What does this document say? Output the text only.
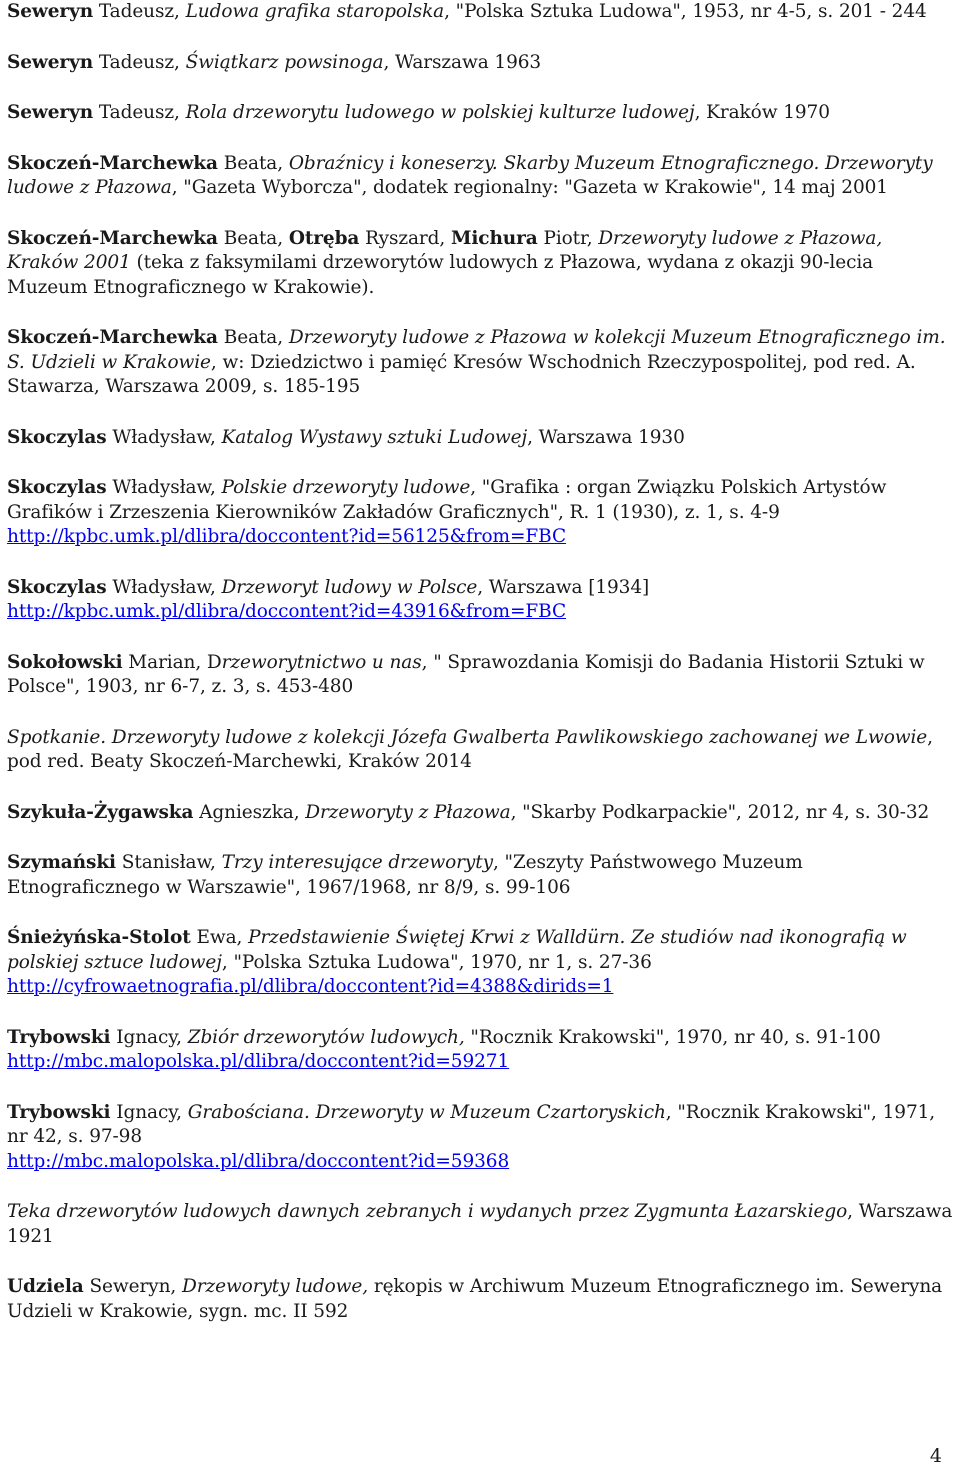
Seweryn Tadeusz, Ludowa grafika staropolska, "Polska Sztuka Ludowa", 1953, nr 4-5, s. 201 - 244

Seweryn Tadeusz, Świątkarz powsinoga, Warszawa 1963

Seweryn Tadeusz, Rola drzeworytu ludowego w polskiej kulturze ludowej, Kraków 1970

Skoczeń-Marchewka Beata, Obraźnicy i koneserzy. Skarby Muzeum Etnograficznego. Drzeworyty ludowe z Płazowa, "Gazeta Wyborcza", dodatek regionalny: "Gazeta w Krakowie", 14 maj 2001

Skoczeń-Marchewka Beata, Otręba Ryszard, Michura Piotr, Drzeworyty ludowe z Płazowa, Kraków 2001 (teka z faksymilami drzeworytów ludowych z Płazowa, wydana z okazji 90-lecia Muzeum Etnograficznego w Krakowie).

Skoczeń-Marchewka Beata, Drzeworyty ludowe z Płazowa w kolekcji Muzeum Etnograficznego im. S. Udzieli w Krakowie, w: Dziedzictwo i pamięć Kresów Wschodnich Rzeczypospolitej, pod red. A. Stawarza, Warszawa 2009, s. 185-195

Skoczylas Władysław, Katalog Wystawy sztuki Ludowej, Warszawa 1930

Skoczylas Władysław, Polskie drzeworyty ludowe, "Grafika : organ Związku Polskich Artystów Grafików i Zrzeszenia Kierowników Zakładów Graficznych", R. 1 (1930), z. 1, s. 4-9
http://kpbc.umk.pl/dlibra/doccontent?id=56125&from=FBC

Skoczylas Władysław, Drzeworyt ludowy w Polsce, Warszawa [1934]
http://kpbc.umk.pl/dlibra/doccontent?id=43916&from=FBC

Sokołowski Marian, Drzeworytnictwo u nas, " Sprawozdania Komisji do Badania Historii Sztuki w Polsce", 1903, nr 6-7, z. 3, s. 453-480

Spotkanie. Drzeworyty ludowe z kolekcji Józefa Gwalberta Pawlikowskiego zachowanej we Lwowie, pod red. Beaty Skoczeń-Marchewki, Kraków 2014

Szykuła-Żygawska Agnieszka, Drzeworyty z Płazowa, "Skarby Podkarpackie", 2012, nr 4, s. 30-32

Szymański Stanisław, Trzy interesujące drzeworyty, "Zeszyty Państwowego Muzeum Etnograficznego w Warszawie", 1967/1968, nr 8/9, s. 99-106

Śnieżyńska-Stolot Ewa, Przedstawienie Świętej Krwi z Walldürn. Ze studiów nad ikonografią w polskiej sztuce ludowej, "Polska Sztuka Ludowa", 1970, nr 1, s. 27-36
http://cyfrowaetnografia.pl/dlibra/doccontent?id=4388&dirids=1

Trybowski Ignacy, Zbiór drzeworytów ludowych, "Rocznik Krakowski", 1970, nr 40, s. 91-100
http://mbc.malopolska.pl/dlibra/doccontent?id=59271

Trybowski Ignacy, Grabościana. Drzeworyty w Muzeum Czartoryskich, "Rocznik Krakowski", 1971, nr 42, s. 97-98
http://mbc.malopolska.pl/dlibra/doccontent?id=59368

Teka drzeworytów ludowych dawnych zebranych i wydanych przez Zygmunta Łazarskiego, Warszawa 1921

Udziela Seweryn, Drzeworyty ludowe, rękopis w Archiwum Muzeum Etnograficznego im. Seweryna Udzieli w Krakowie, sygn. mc. II 592

4
